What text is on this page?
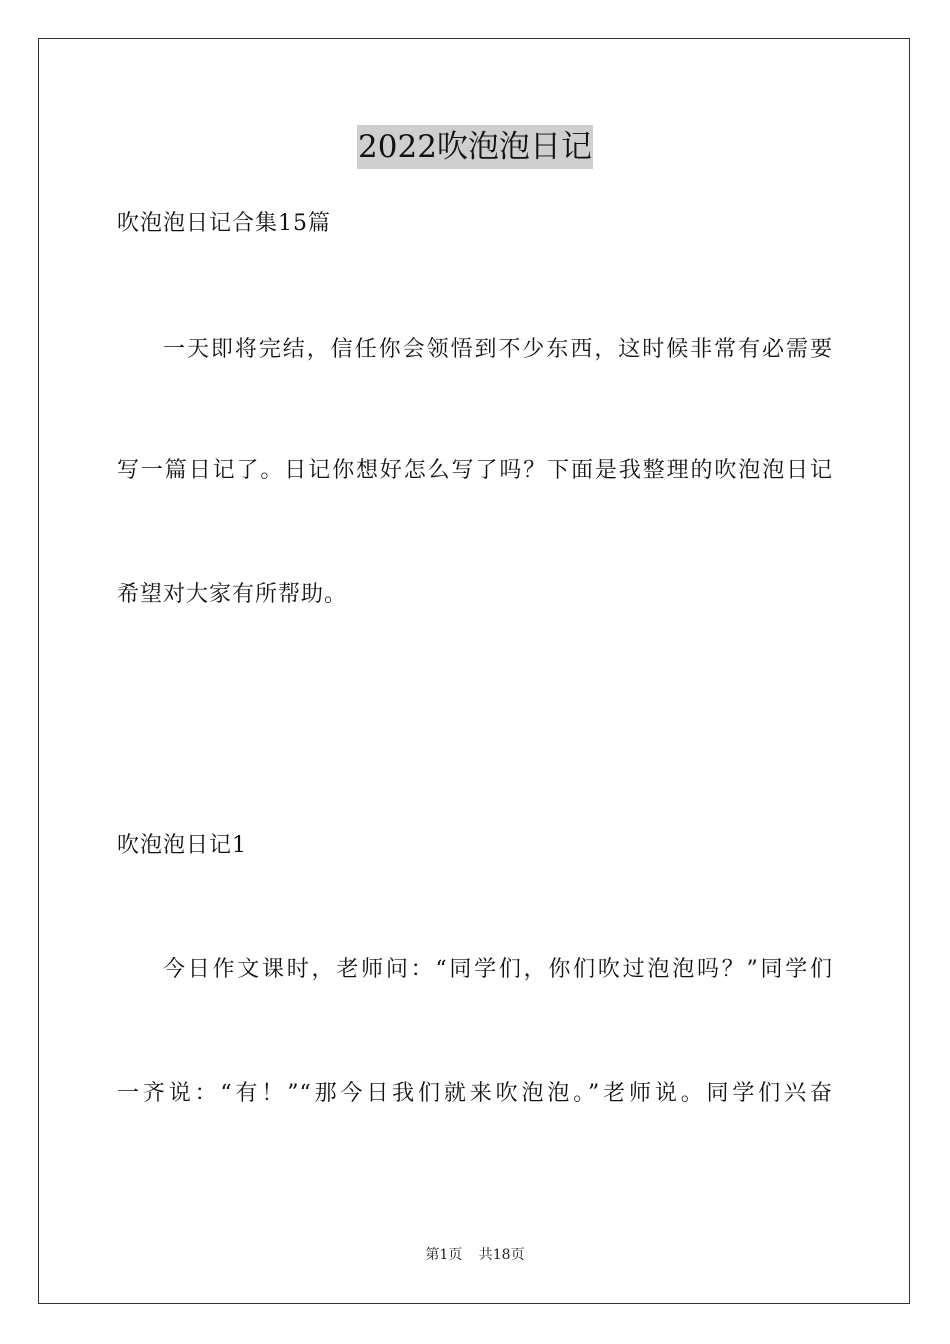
2022吹泡泡日记
吹泡泡日记合集15篇
一天即将完结，信任你会领悟到不少东西，这时候非常有必需要
写一篇日记了。日记你想好怎么写了吗？下面是我整理的吹泡泡日记
希望对大家有所帮助。
吹泡泡日记1
今日作文课时，老师问：“同学们，你们吹过泡泡吗？”同学们
一齐说：“有！”“那今日我们就来吹泡泡。”老师说。同学们兴奋
第1页 共18页
